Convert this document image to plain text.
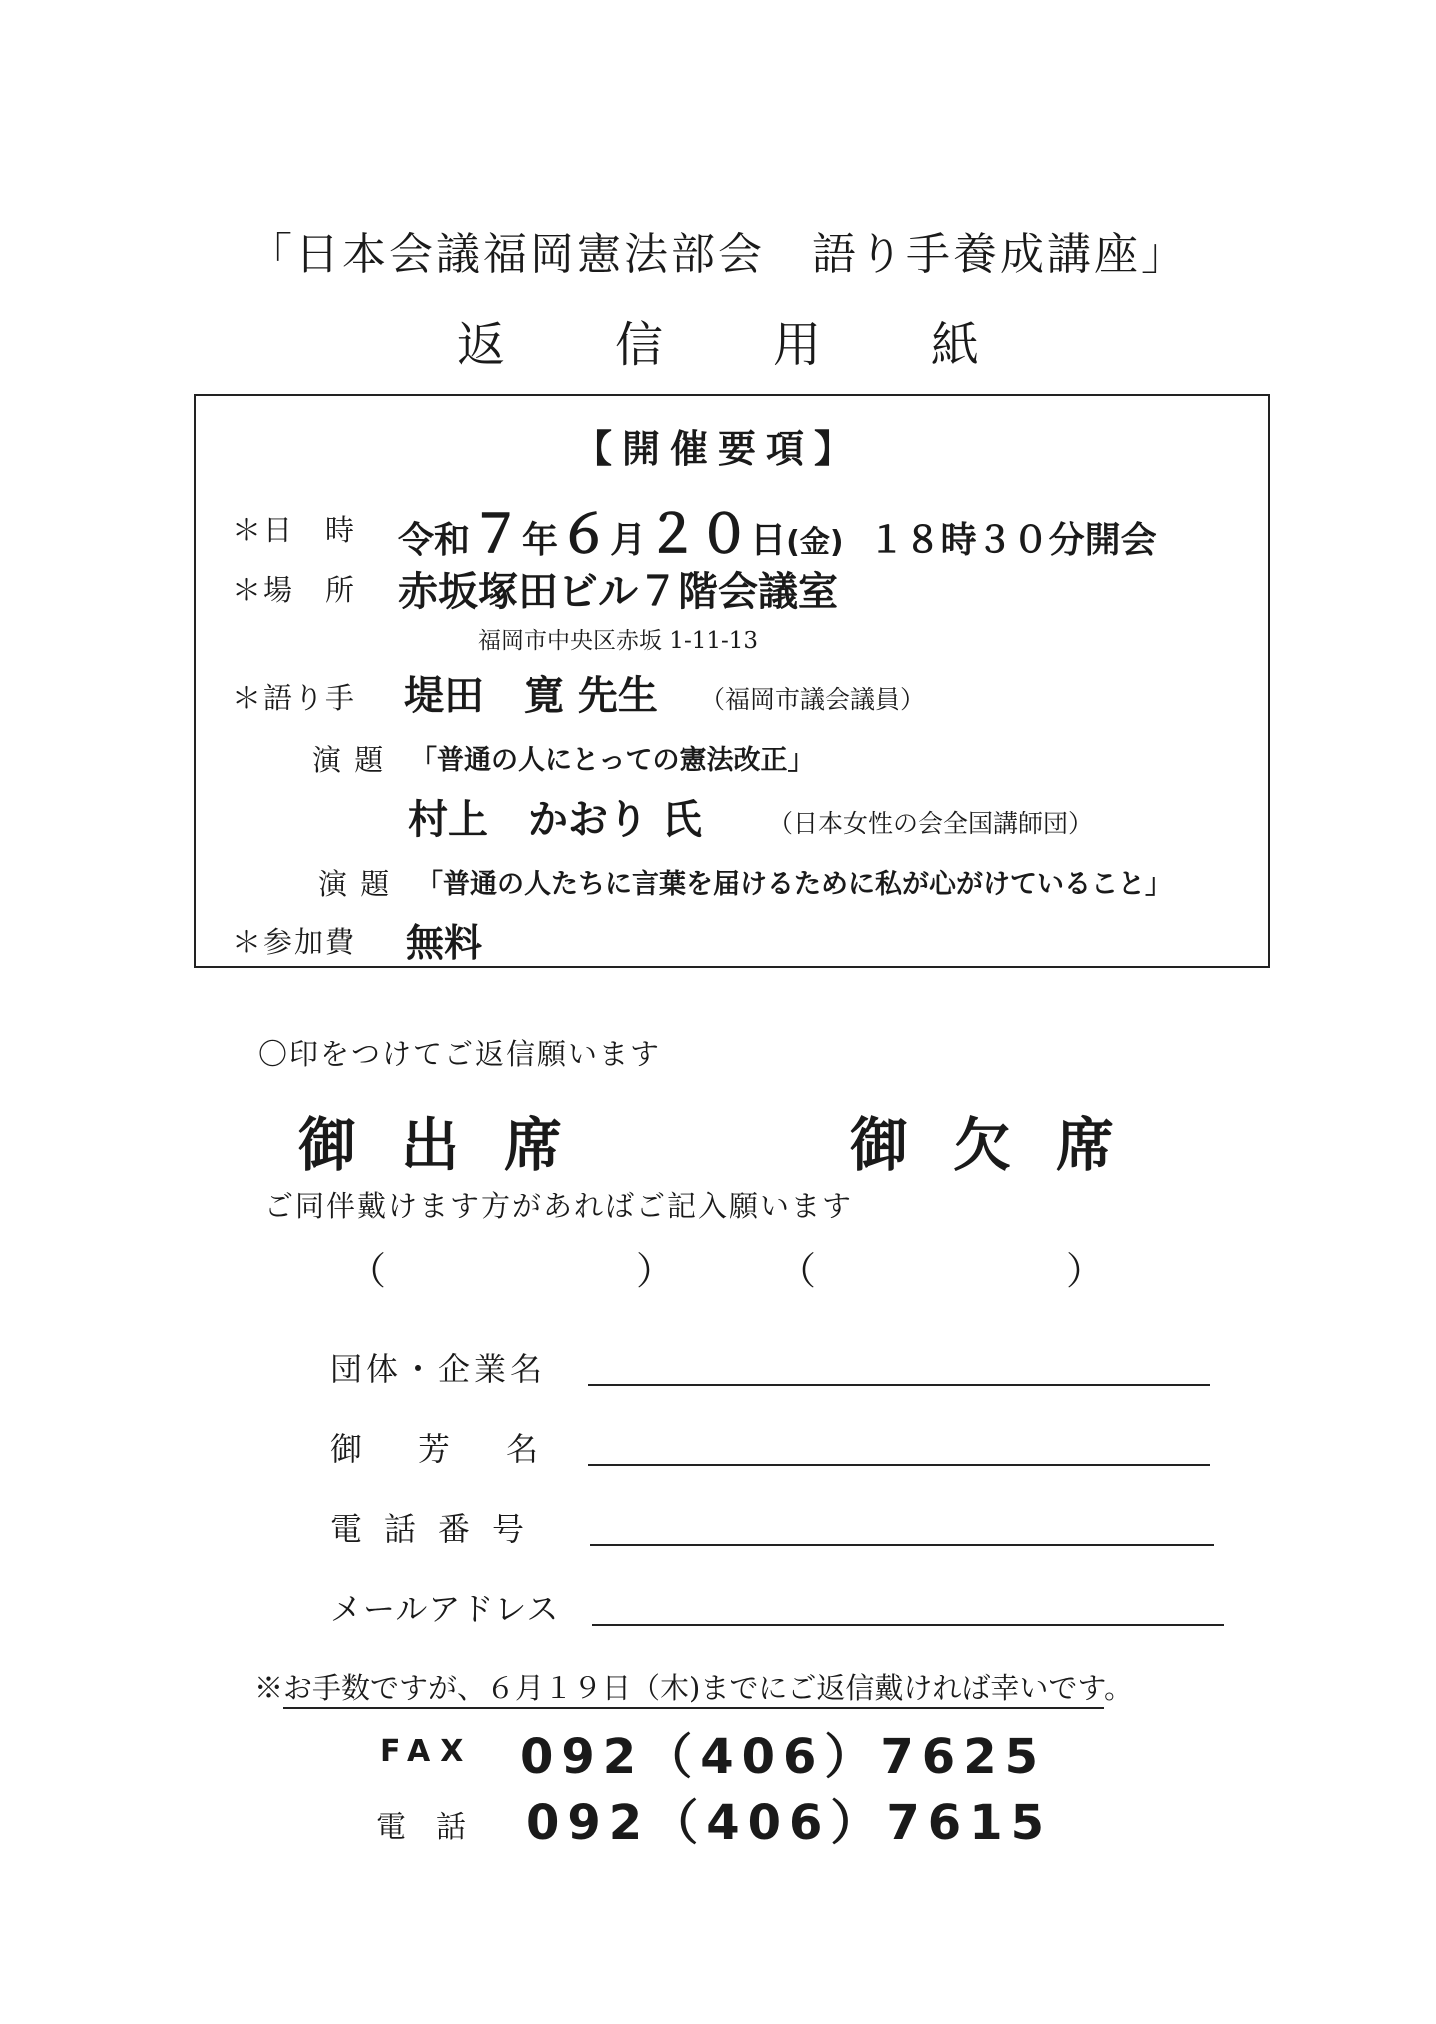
「日本会議福岡憲法部会　語り手養成講座」
返 信 用 紙
【開催要項】
＊日　時 令和７年６月２０日(金) １８時３０分開会
＊場　所 赤坂塚田ビル７階会議室
福岡市中央区赤坂 1-11-13
＊語り手 堤田　寛 先生 （福岡市議会議員）
演 題 「普通の人にとっての憲法改正」
村上　かおり 氏	（日本女性の会全国講師団）
演 題 「普通の人たちに言葉を届けるために私が心がけていること」
＊参加費 無料
〇印をつけてご返信願います
御 出 席	御 欠 席
ご同伴戴けます方があればご記入願います
（	）	（	）
団体・企業名
御 芳 名
電 話 番 号
メールアドレス
※お手数ですが、６月１９日（木)までにご返信戴ければ幸いです。
FAX 092（406）7625
電話 092（406）7615
